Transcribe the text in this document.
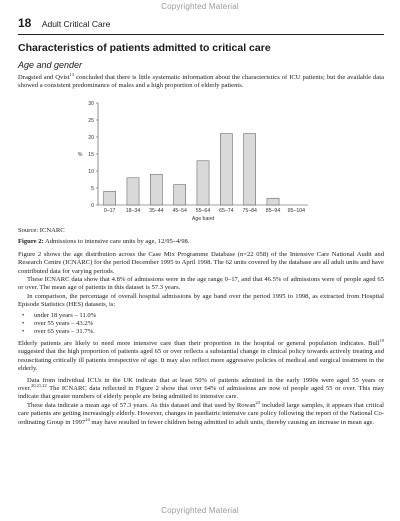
Copyrighted Material
18 Adult Critical Care
Characteristics of patients admitted to critical care
Age and gender

Dragsted and Qvist$^{13}$ concluded that there is little systematic information about the characteristics of ICU patients; but the available data showed a consistent predominance of males and a high proportion of elderly patients.

0
5
10
15
20
25
30
%
0–17 18–34 35–44 45–54 55–64 65–74 75–84 85–94 95–104
Age band
Source: ICNARC
Figure 2: Admissions to intensive care units by age, 12/95–4/98.

Figure 2 shows the age distribution across the Case Mix Programme Database (n=22 058) of the Intensive Care National Audit and Research Centre (ICNARC) for the period December 1995 to April 1998. The 62 units covered by the database are all adult units and have contributed data for varying periods.

These ICNARC data show that 4.8% of admissions were in the age range 0–17, and that 46.5% of admissions were of people aged 65 or over. The mean age of patients in this dataset is 57.3 years.

In comparison, the percentage of overall hospital admissions by age band over the period 1995 to 1998, as extracted from Hospital Episode Statistics (HES) datasets, is:

• under 18 years – 11.0%
• over 55 years – 43.2%
• over 65 years – 31.7%.

Elderly patients are likely to need more intensive care than their proportion in the hospital or general population indicates. Bull$^{19}$ suggested that the high proportion of patients aged 65 or over reflects a substantial change in clinical policy towards actively treating and resuscitating critically ill patients irrespective of age. It may also reflect more aggressive policies of medical and surgical treatment in the elderly.

Data from individual ICUs in the UK indicate that at least 50% of patients admitted in the early 1990s were aged 55 years or over.$^{20,21,22}$ The ICNARC data reflected in Figure 2 show that over 64% of admissions are now of people aged 55 or over. This may indicate that greater numbers of elderly people are being admitted to intensive care.

These data indicate a mean age of 57.3 years. As this dataset and that used by Rowan$^{23}$ included large samples, it appears that critical care patients are getting increasingly elderly. However, changes in paediatric intensive care policy following the report of the National Co-ordinating Group in 1997$^{24}$ may have resulted in fewer children being admitted to adult units, thereby causing an increase in mean age.

Copyrighted Material
